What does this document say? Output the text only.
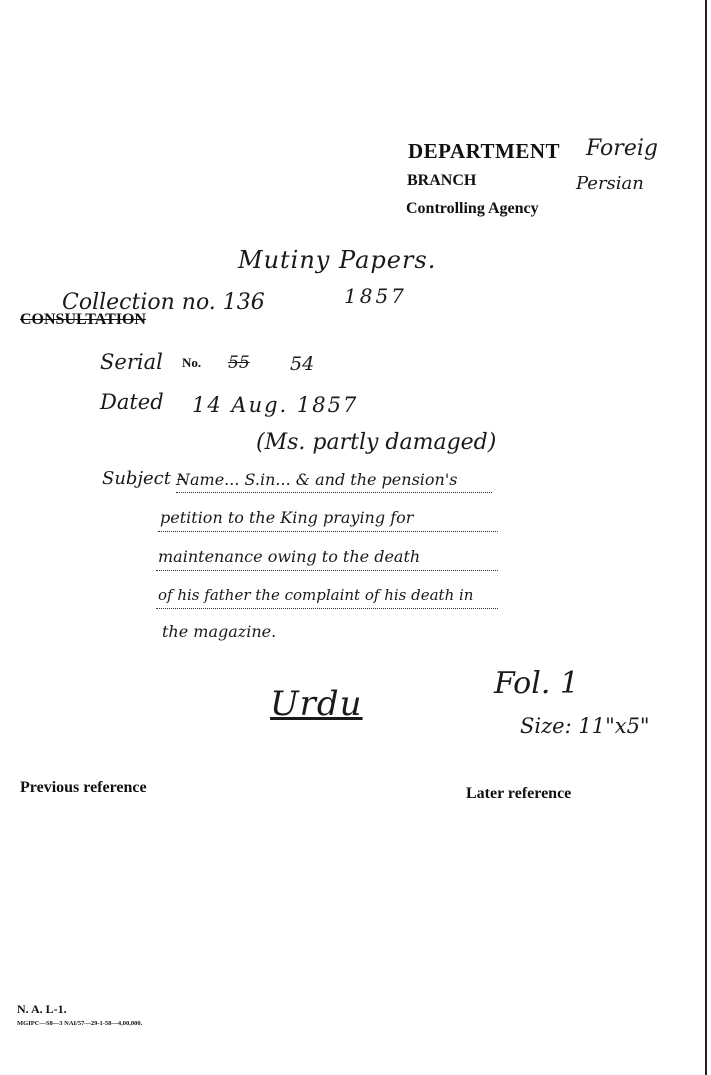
DEPARTMENT Foreig
BRANCH	Persian
Controlling Agency
Mutiny Papers.
1857
Collection no. 136
CONSULTATION
Serial No. 55 54
Dated 14 Aug. 1857
(Ms. partly damaged)
Subject –
Name... S.in... & and the pension's
petition to the King praying for
maintenance owing to the death
of his father the complaint of his death in
the magazine.
Urdu
Fol. 1
Size: 11"x5"
Previous reference	Later reference
N. A. L-1.
MGIPC—S8—3 NAI/57—29-1-58—4,00,000.
